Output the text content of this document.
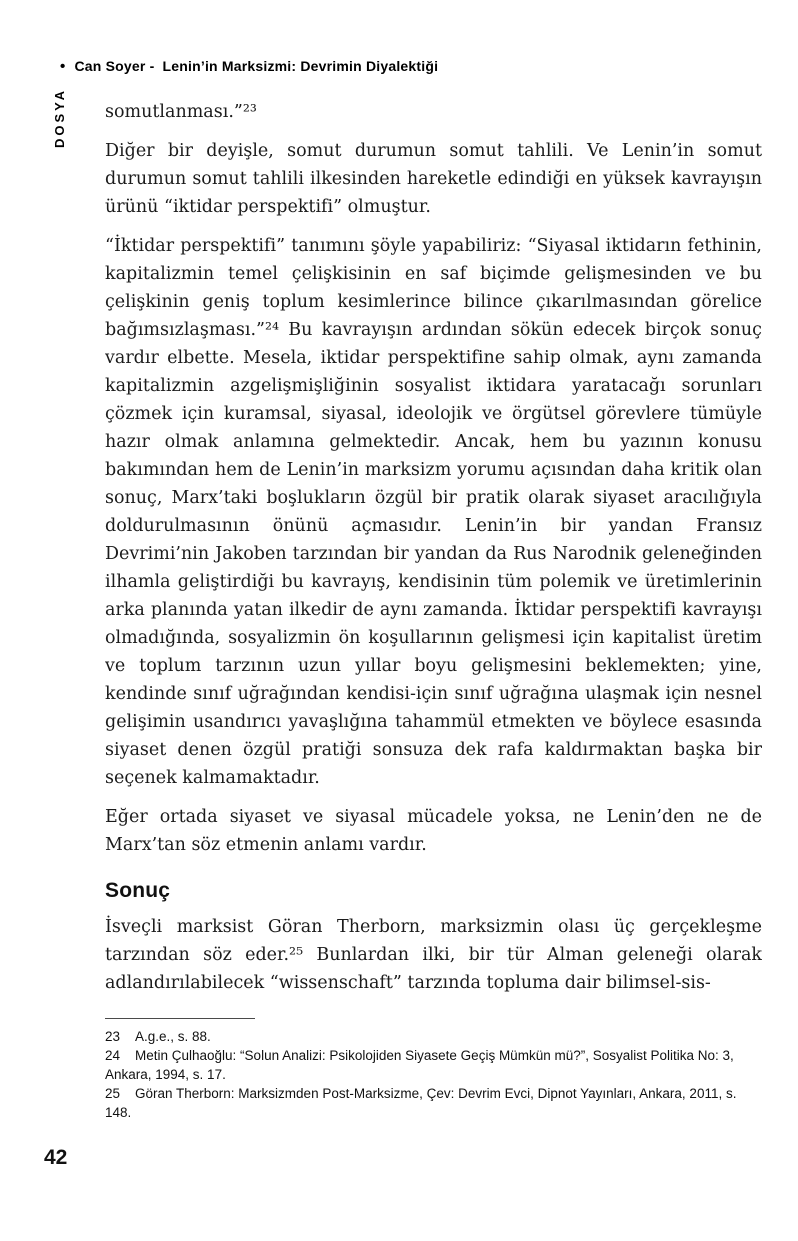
• Can Soyer - Lenin’in Marksizmi: Devrimin Diyalektiği
DOSYA somutlanması.”²³

Diğer bir deyişle, somut durumun somut tahlili. Ve Lenin’in somut durumun somut tahlili ilkesinden hareketle edindiği en yüksek kavrayışın ürünü “iktidar perspektifi” olmuştur.

“İktidar perspektifi” tanımını şöyle yapabiliriz: “Siyasal iktidarın fethinin, kapitalizmin temel çelişkisinin en saf biçimde gelişmesinden ve bu çelişkinin geniş toplum kesimlerince bilince çıkarılmasından görelice bağımsızlaşması.”²⁴ Bu kavrayışın ardından sökün edecek birçok sonuç vardır elbette. Mesela, iktidar perspektifine sahip olmak, aynı zamanda kapitalizmin azgelişmişliğinin sosyalist iktidara yaratacağı sorunları çözmek için kuramsal, siyasal, ideolojik ve örgütsel görevlere tümüyle hazır olmak anlamına gelmektedir. Ancak, hem bu yazının konusu bakımından hem de Lenin’in marksizm yorumu açısından daha kritik olan sonuç, Marx’taki boşlukların özgül bir pratik olarak siyaset aracılığıyla doldurulmasının önünü açmasıdır. Lenin’in bir yandan Fransız Devrimi’nin Jakoben tarzından bir yandan da Rus Narodnik geleneğinden ilhamla geliştirdiği bu kavrayış, kendisinin tüm polemik ve üretimlerinin arka planında yatan ilkedir de aynı zamanda. İktidar perspektifi kavrayışı olmadığında, sosyalizmin ön koşullarının gelişmesi için kapitalist üretim ve toplum tarzının uzun yıllar boyu gelişmesini beklemekten; yine, kendinde sınıf uğrağından kendisi-için sınıf uğrağına ulaşmak için nesnel gelişimin usandırıcı yavaşlığına tahammül etmekten ve böylece esasında siyaset denen özgül pratiği sonsuza dek rafa kaldırmaktan başka bir seçenek kalmamaktadır.

Eğer ortada siyaset ve siyasal mücadele yoksa, ne Lenin’den ne de Marx’tan söz etmenin anlamı vardır.

Sonuç

İsveçli marksist Göran Therborn, marksizmin olası üç gerçekleşme tarzından söz eder.²⁵ Bunlardan ilki, bir tür Alman geleneği olarak adlandırılabilecek “wissenschaft” tarzında topluma dair bilimsel-sis-

23 A.g.e., s. 88.

24 Metin Çulhaoğlu: “Solun Analizi: Psikolojiden Siyasete Geçiş Mümkün mü?”, Sosyalist Politika No: 3, Ankara, 1994, s. 17.

25 Göran Therborn: Marksizmden Post-Marksizme, Çev: Devrim Evci, Dipnot Yayınları, Ankara, 2011, s. 148.

42
